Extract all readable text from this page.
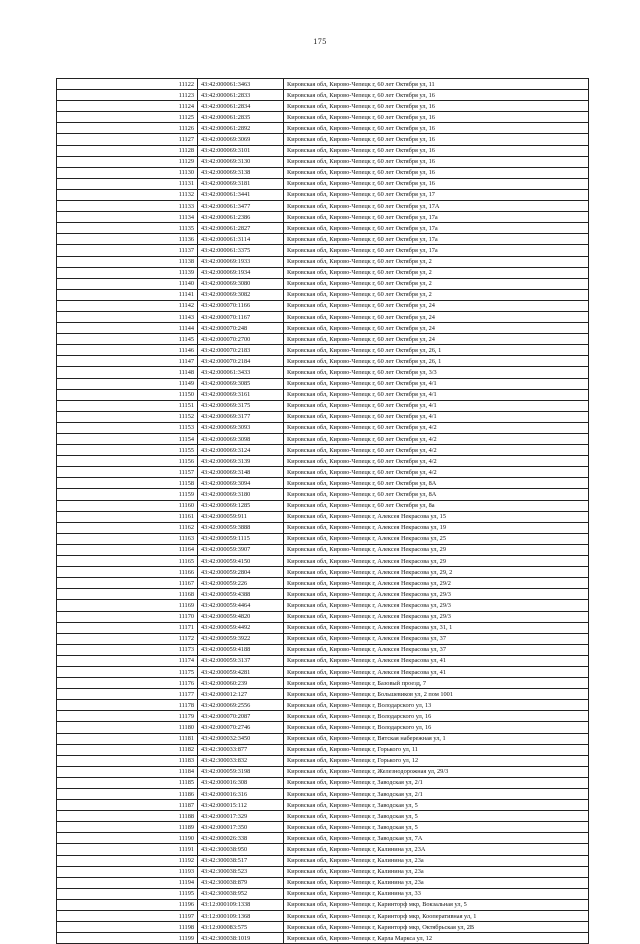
175
11122	43:42:000061:3463	Кировская обл, Кирово-Чепецк г, 60 лет Октября ул, 11
11123	43:42:000061:2833	Кировская обл, Кирово-Чепецк г, 60 лет Октября ул, 16
11124	43:42:000061:2834	Кировская обл, Кирово-Чепецк г, 60 лет Октября ул, 16
11125	43:42:000061:2835	Кировская обл, Кирово-Чепецк г, 60 лет Октября ул, 16
11126	43:42:000061:2892	Кировская обл, Кирово-Чепецк г, 60 лет Октября ул, 16
11127	43:42:000069:3069	Кировская обл, Кирово-Чепецк г, 60 лет Октября ул, 16
11128	43:42:000069:3101	Кировская обл, Кирово-Чепецк г, 60 лет Октября ул, 16
11129	43:42:000069:3130	Кировская обл, Кирово-Чепецк г, 60 лет Октября ул, 16
11130	43:42:000069:3138	Кировская обл, Кирово-Чепецк г, 60 лет Октября ул, 16
11131	43:42:000069:3181	Кировская обл, Кирово-Чепецк г, 60 лет Октября ул, 16
11132	43:42:000061:3441	Кировская обл, Кирово-Чепецк г, 60 лет Октября ул, 17
11133	43:42:000061:3477	Кировская обл, Кирово-Чепецк г, 60 лет Октября ул, 17А
11134	43:42:000061:2386	Кировская обл, Кирово-Чепецк г, 60 лет Октября ул, 17а
11135	43:42:000061:2827	Кировская обл, Кирово-Чепецк г, 60 лет Октября ул, 17а
11136	43:42:000061:3114	Кировская обл, Кирово-Чепецк г, 60 лет Октября ул, 17а
11137	43:42:000061:3375	Кировская обл, Кирово-Чепецк г, 60 лет Октября ул, 17а
11138	43:42:000069:1933	Кировская обл, Кирово-Чепецк г, 60 лет Октября ул, 2
11139	43:42:000069:1934	Кировская обл, Кирово-Чепецк г, 60 лет Октября ул, 2
11140	43:42:000069:3080	Кировская обл, Кирово-Чепецк г, 60 лет Октября ул, 2
11141	43:42:000069:3082	Кировская обл, Кирово-Чепецк г, 60 лет Октября ул, 2
11142	43:42:000070:1166	Кировская обл, Кирово-Чепецк г, 60 лет Октября ул, 24
11143	43:42:000070:1167	Кировская обл, Кирово-Чепецк г, 60 лет Октября ул, 24
11144	43:42:000070:248	Кировская обл, Кирово-Чепецк г, 60 лет Октября ул, 24
11145	43:42:000070:2700	Кировская обл, Кирово-Чепецк г, 60 лет Октября ул, 24
11146	43:42:000070:2183	Кировская обл, Кирово-Чепецк г, 60 лет Октября ул, 26, 1
11147	43:42:000070:2184	Кировская обл, Кирово-Чепецк г, 60 лет Октября ул, 26, 1
11148	43:42:000061:3433	Кировская обл, Кирово-Чепецк г, 60 лет Октября ул, 3/3
11149	43:42:000069:3085	Кировская обл, Кирово-Чепецк г, 60 лет Октября ул, 4/1
11150	43:42:000069:3161	Кировская обл, Кирово-Чепецк г, 60 лет Октября ул, 4/1
11151	43:42:000069:3175	Кировская обл, Кирово-Чепецк г, 60 лет Октября ул, 4/1
11152	43:42:000069:3177	Кировская обл, Кирово-Чепецк г, 60 лет Октября ул, 4/1
11153	43:42:000069:3093	Кировская обл, Кирово-Чепецк г, 60 лет Октября ул, 4/2
11154	43:42:000069:3098	Кировская обл, Кирово-Чепецк г, 60 лет Октября ул, 4/2
11155	43:42:000069:3124	Кировская обл, Кирово-Чепецк г, 60 лет Октября ул, 4/2
11156	43:42:000069:3139	Кировская обл, Кирово-Чепецк г, 60 лет Октября ул, 4/2
11157	43:42:000069:3148	Кировская обл, Кирово-Чепецк г, 60 лет Октября ул, 4/2
11158	43:42:000069:3094	Кировская обл, Кирово-Чепецк г, 60 лет Октября ул, 8А
11159	43:42:000069:3180	Кировская обл, Кирово-Чепецк г, 60 лет Октября ул, 8А
11160	43:42:000069:1285	Кировская обл, Кирово-Чепецк г, 60 лет Октября ул, 8а
11161	43:42:000059:911	Кировская обл, Кирово-Чепецк г, Алексея Некрасова ул, 15
11162	43:42:000059:3888	Кировская обл, Кирово-Чепецк г, Алексея Некрасова ул, 19
11163	43:42:000059:1115	Кировская обл, Кирово-Чепецк г, Алексея Некрасова ул, 25
11164	43:42:000059:3907	Кировская обл, Кирово-Чепецк г, Алексея Некрасова ул, 29
11165	43:42:000059:4150	Кировская обл, Кирово-Чепецк г, Алексея Некрасова ул, 29
11166	43:42:000059:2804	Кировская обл, Кирово-Чепецк г, Алексея Некрасова ул, 29, 2
11167	43:42:000059:226	Кировская обл, Кирово-Чепецк г, Алексея Некрасова ул, 29/2
11168	43:42:000059:4388	Кировская обл, Кирово-Чепецк г, Алексея Некрасова ул, 29/3
11169	43:42:000059:4464	Кировская обл, Кирово-Чепецк г, Алексея Некрасова ул, 29/3
11170	43:42:000059:4820	Кировская обл, Кирово-Чепецк г, Алексея Некрасова ул, 29/3
11171	43:42:000059:4492	Кировская обл, Кирово-Чепецк г, Алексея Некрасова ул, 31, 1
11172	43:42:000059:3922	Кировская обл, Кирово-Чепецк г, Алексея Некрасова ул, 37
11173	43:42:000059:4188	Кировская обл, Кирово-Чепецк г, Алексея Некрасова ул, 37
11174	43:42:000059:3137	Кировская обл, Кирово-Чепецк г, Алексея Некрасова ул, 41
11175	43:42:000059:4281	Кировская обл, Кирово-Чепецк г, Алексея Некрасова ул, 41
11176	43:42:000060:239	Кировская обл, Кирово-Чепецк г, Базовый проезд, 7
11177	43:42:000012:127	Кировская обл, Кирово-Чепецк г, Большевиков ул, 2 пом 1001
11178	43:42:000069:2556	Кировская обл, Кирово-Чепецк г, Володарского ул, 13
11179	43:42:000070:2087	Кировская обл, Кирово-Чепецк г, Володарского ул, 16
11180	43:42:000070:2746	Кировская обл, Кирово-Чепецк г, Володарского ул, 16
11181	43:42:000032:3450	Кировская обл, Кирово-Чепецк г, Вятская набережная ул, 1
11182	43:42:300033:877	Кировская обл, Кирово-Чепецк г, Горького ул, 11
11183	43:42:300033:832	Кировская обл, Кирово-Чепецк г, Горького ул, 12
11184	43:42:000059:3198	Кировская обл, Кирово-Чепецк г, Железнодорожная ул, 29/3
11185	43:42:000016:308	Кировская обл, Кирово-Чепецк г, Заводская ул, 2/1
11186	43:42:000016:316	Кировская обл, Кирово-Чепецк г, Заводская ул, 2/1
11187	43:42:000015:112	Кировская обл, Кирово-Чепецк г, Заводская ул, 5
11188	43:42:000017:329	Кировская обл, Кирово-Чепецк г, Заводская ул, 5
11189	43:42:000017:350	Кировская обл, Кирово-Чепецк г, Заводская ул, 5
11190	43:42:000026:338	Кировская обл, Кирово-Чепецк г, Заводская ул, 7А
11191	43:42:300038:950	Кировская обл, Кирово-Чепецк г, Калинина ул, 23А
11192	43:42:300038:517	Кировская обл, Кирово-Чепецк г, Калинина ул, 23а
11193	43:42:300038:523	Кировская обл, Кирово-Чепецк г, Калинина ул, 23а
11194	43:42:300038:879	Кировская обл, Кирово-Чепецк г, Калинина ул, 23а
11195	43:42:300038:952	Кировская обл, Кирово-Чепецк г, Калинина ул, 33
11196	43:12:000109:1338	Кировская обл, Кирово-Чепецк г, Каринторф мкр, Вокзальная ул, 5
11197	43:12:000109:1368	Кировская обл, Кирово-Чепецк г, Каринторф мкр, Кооперативная ул, 1
11198	43:12:000083:575	Кировская обл, Кирово-Чепецк г, Каринторф мкр, Октябрьская ул, 2В
11199	43:42:300038:1019	Кировская обл, Кирово-Чепецк г, Карла Маркса ул, 12
